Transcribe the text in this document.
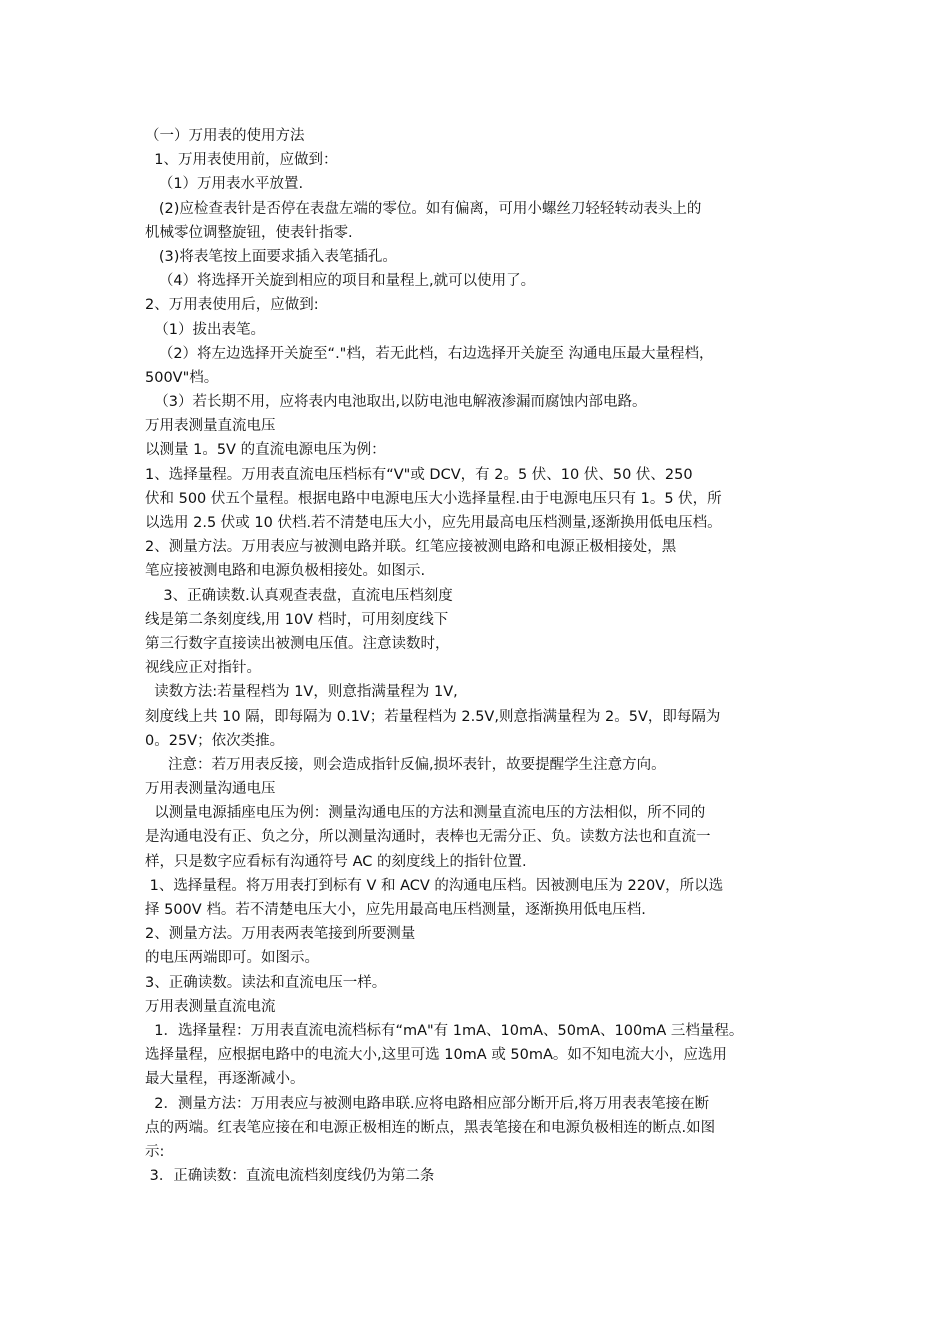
（一）万用表的使用方法
1、万用表使用前，应做到：
（1）万用表水平放置.
(2)应检查表针是否停在表盘左端的零位。如有偏离，可用小螺丝刀轻轻转动表头上的
机械零位调整旋钮，使表针指零.
(3)将表笔按上面要求插入表笔插孔。
（4）将选择开关旋到相应的项目和量程上,就可以使用了。
2、万用表使用后，应做到:
（1）拔出表笔。
（2）将左边选择开关旋至“."档，若无此档，右边选择开关旋至 沟通电压最大量程档，
500V"档。
（3）若长期不用，应将表内电池取出,以防电池电解液渗漏而腐蚀内部电路。
万用表测量直流电压
以测量 1。5V 的直流电源电压为例：
1、选择量程。万用表直流电压档标有“V"或 DCV，有 2。5 伏、10 伏、50 伏、250
伏和 500 伏五个量程。根据电路中电源电压大小选择量程.由于电源电压只有 1。5 伏，所
以选用 2.5 伏或 10 伏档.若不清楚电压大小，应先用最高电压档测量,逐渐换用低电压档。
2、测量方法。万用表应与被测电路并联。红笔应接被测电路和电源正极相接处，黑
笔应接被测电路和电源负极相接处。如图示.
3、正确读数.认真观查表盘，直流电压档刻度
线是第二条刻度线,用 10V 档时，可用刻度线下
第三行数字直接读出被测电压值。注意读数时，
视线应正对指针。
读数方法:若量程档为 1V，则意指满量程为 1V,
刻度线上共 10 隔，即每隔为 0.1V；若量程档为 2.5V,则意指满量程为 2。5V，即每隔为
0。25V；依次类推。
注意：若万用表反接，则会造成指针反偏,损坏表针，故要提醒学生注意方向。
万用表测量沟通电压
以测量电源插座电压为例：测量沟通电压的方法和测量直流电压的方法相似，所不同的
是沟通电没有正、负之分，所以测量沟通时，表棒也无需分正、负。读数方法也和直流一
样，只是数字应看标有沟通符号 AC 的刻度线上的指针位置.
1、选择量程。将万用表打到标有 V 和 ACV 的沟通电压档。因被测电压为 220V，所以选
择 500V 档。若不清楚电压大小，应先用最高电压档测量，逐渐换用低电压档.
2、测量方法。万用表两表笔接到所要测量
的电压两端即可。如图示。
3、正确读数。读法和直流电压一样。
万用表测量直流电流
1．选择量程：万用表直流电流档标有“mA"有 1mA、10mA、50mA、100mA 三档量程。
选择量程，应根据电路中的电流大小,这里可选 10mA 或 50mA。如不知电流大小，应选用
最大量程，再逐渐减小。
2．测量方法：万用表应与被测电路串联.应将电路相应部分断开后,将万用表表笔接在断
点的两端。红表笔应接在和电源正极相连的断点，黑表笔接在和电源负极相连的断点.如图
示:
3．正确读数：直流电流档刻度线仍为第二条
